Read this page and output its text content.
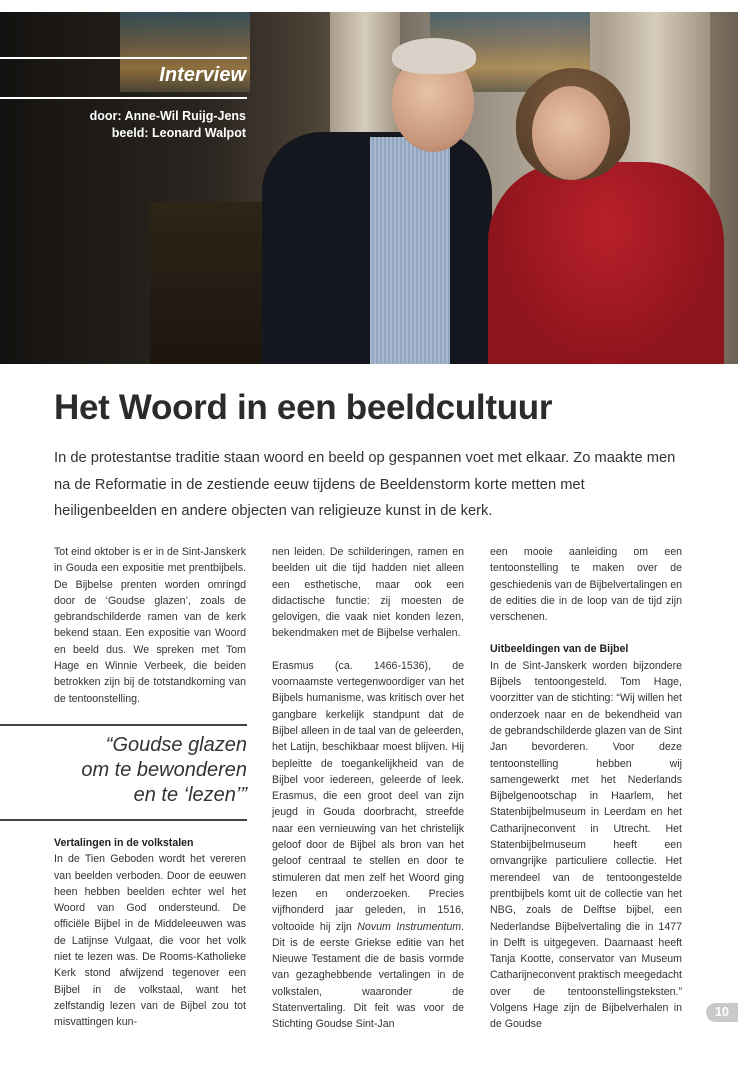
Interview
door: Anne-Wil Ruijg-Jens
beeld: Leonard Walpot
Het Woord in een beeldcultuur

In de protestantse traditie staan woord en beeld op gespannen voet met elkaar. Zo maakte men na de Reformatie in de zestiende eeuw tijdens de Beeldenstorm korte metten met heiligenbeelden en andere objecten van religieuze kunst in de kerk.

Tot eind oktober is er in de Sint-Janskerk in Gouda een expositie met prentbijbels. De Bijbelse prenten worden omringd door de ‘Goudse glazen’, zoals de gebrandschilderde ramen van de kerk bekend staan. Een expositie van Woord en beeld dus. We spreken met Tom Hage en Winnie Verbeek, die beiden betrokken zijn bij de totstandkoming van de tentoonstelling.

“Goudse glazen
om te bewonderen
en te ‘lezen’”
Vertalingen in de volkstalen

In de Tien Geboden wordt het vereren van beelden verboden. Door de eeuwen heen hebben beelden echter wel het Woord van God ondersteund. De officiële Bijbel in de Middeleeuwen was de Latijnse Vulgaat, die voor het volk niet te lezen was. De Rooms-Katholieke Kerk stond afwijzend tegenover een Bijbel in de volkstaal, want het zelfstandig lezen van de Bijbel zou tot misvattingen kun-

nen leiden. De schilderingen, ramen en beelden uit die tijd hadden niet alleen een esthetische, maar ook een didactische functie: zij moesten de gelovigen, die vaak niet konden lezen, bekendmaken met de Bijbelse verhalen.

Erasmus (ca. 1466-1536), de voornaamste vertegenwoordiger van het Bijbels humanisme, was kritisch over het gangbare kerkelijk standpunt dat de Bijbel alleen in de taal van de geleerden, het Latijn, beschikbaar moest blijven. Hij bepleitte de toegankelijkheid van de Bijbel voor iedereen, geleerde of leek. Erasmus, die een groot deel van zijn jeugd in Gouda doorbracht, streefde naar een vernieuwing van het christelijk geloof door de Bijbel als bron van het geloof centraal te stellen en door te stimuleren dat men zelf het Woord ging lezen en onderzoeken. Precies vijfhonderd jaar geleden, in 1516, voltooide hij zijn Novum Instrumentum. Dit is de eerste Griekse editie van het Nieuwe Testament die de basis vormde van gezaghebbende vertalingen in de volkstalen, waaronder de Statenvertaling. Dit feit was voor de Stichting Goudse Sint-Jan

een mooie aanleiding om een tentoonstelling te maken over de geschiedenis van de Bijbelvertalingen en de edities die in de loop van de tijd zijn verschenen.

Uitbeeldingen van de Bijbel

In de Sint-Janskerk worden bijzondere Bijbels tentoongesteld. Tom Hage, voorzitter van de stichting: “Wij willen het onderzoek naar en de bekendheid van de gebrandschilderde glazen van de Sint Jan bevorderen. Voor deze tentoonstelling hebben wij samengewerkt met het Nederlands Bijbelgenootschap in Haarlem, het Statenbijbelmuseum in Leerdam en het Catharijneconvent in Utrecht. Het Statenbijbelmuseum heeft een omvangrijke particuliere collectie. Het merendeel van de tentoongestelde prentbijbels komt uit de collectie van het NBG, zoals de Delftse bijbel, een Nederlandse Bijbelvertaling die in 1477 in Delft is uitgegeven. Daarnaast heeft Tanja Kootte, conservator van Museum Catharijneconvent praktisch meegedacht over de tentoonstellingsteksten.” Volgens Hage zijn de Bijbelverhalen in de Goudse

10
